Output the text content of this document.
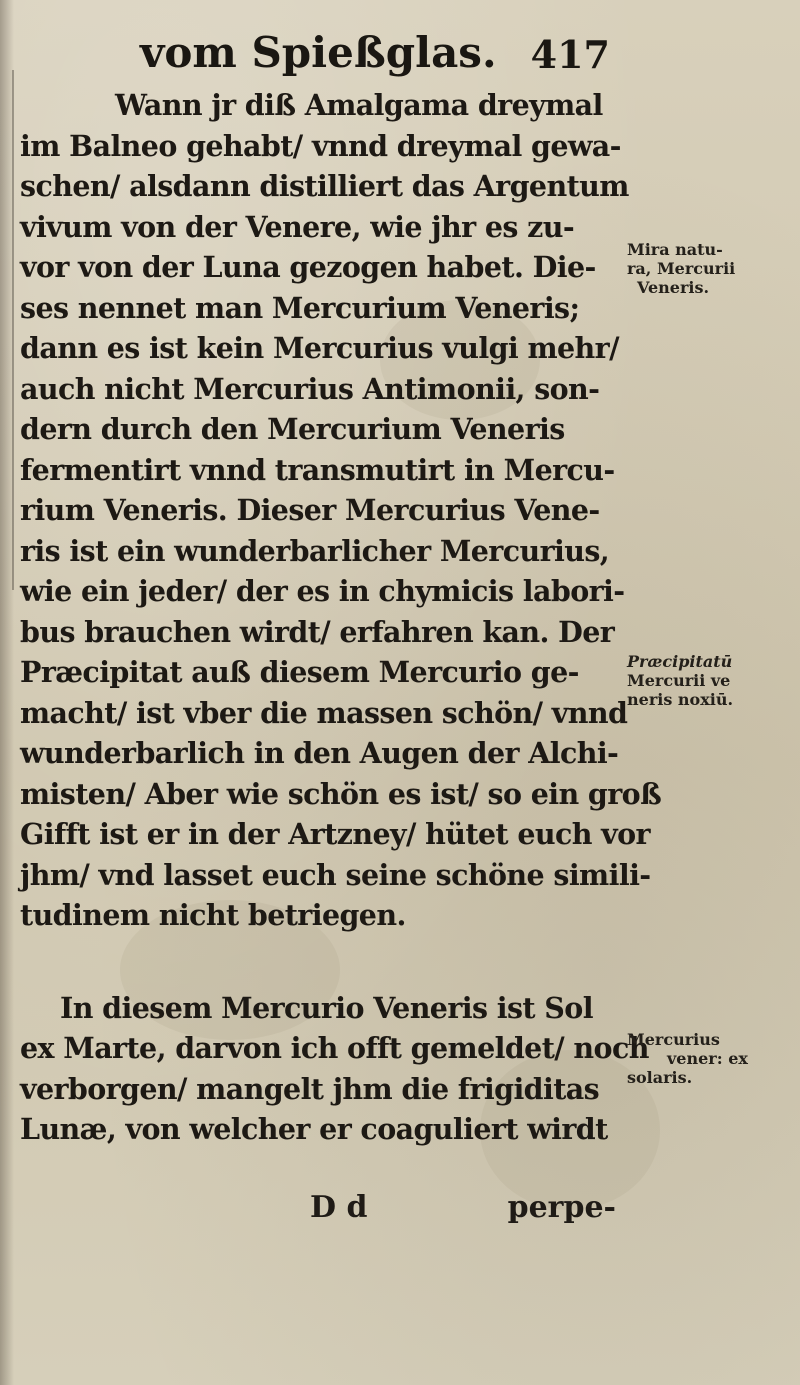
vom Spießglas. 417
Wann jr diß Amalgama dreymal
im Balneo gehabt/ vnnd dreymal gewa-
schen/ alsdann distilliert das Argentum
vivum von der Venere, wie jhr es zu-
vor von der Luna gezogen habet. Die-
ses nennet man Mercurium Veneris;
dann es ist kein Mercurius vulgi mehr/
auch nicht Mercurius Antimonii, son-
dern durch den Mercurium Veneris
fermentirt vnnd transmutirt in Mercu-
rium Veneris. Dieser Mercurius Vene-
ris ist ein wunderbarlicher Mercurius,
wie ein jeder/ der es in chymicis labori-
bus brauchen wirdt/ erfahren kan. Der
Præcipitat auß diesem Mercurio ge-
macht/ ist vber die massen schön/ vnnd
wunderbarlich in den Augen der Alchi-
misten/ Aber wie schön es ist/ so ein groß
Gifft ist er in der Artzney/ hütet euch vor
jhm/ vnd lasset euch seine schöne simili-
tudinem nicht betriegen.
In diesem Mercurio Veneris ist Sol
ex Marte, darvon ich offt gemeldet/ noch
verborgen/ mangelt jhm die frigiditas
Lunæ, von welcher er coaguliert wirdt
D d	perpe-
Mira natu-
ra, Mercurii
Veneris.
Præcipitatū
Mercurii ve
neris noxiū.
Mercurius
vener: ex
solaris.
